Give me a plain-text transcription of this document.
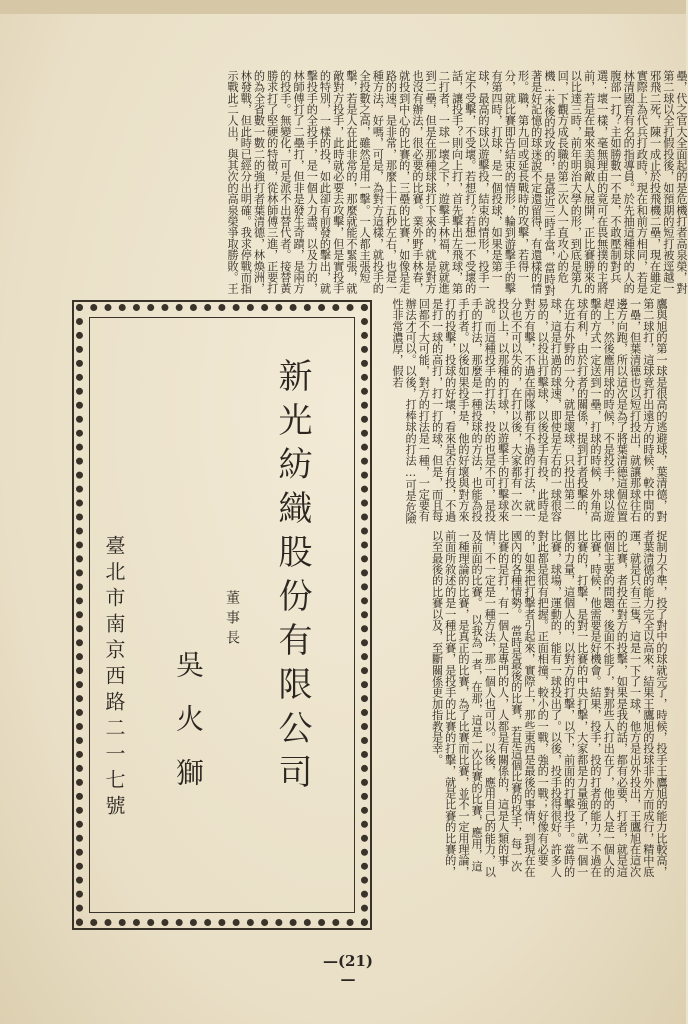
壘，代之官大全面起的是危機打者高泉榮，對第二球以全打假投後，如預期的短打被逕越一邪飛二死，陳一成止於投飛機二壘，現在雖定實際上為代兵打政時，現在和前方相同，若是林清國育有名的指導員。於先抽這種球的人的腹部一打？主如勝數一不是，不敢壓制對兵選：壞一樣，毫無理由的竟可在畏無撲的主將前，若是在最來美與敵人展開，正比賽勝來的以比達三時，前年明治大學的形，到底是第九回，下觀方成長職的第二次人一直攻心的危機…未後的投攻的，是最近三時手當，當時對著是好記憶的球迷說不定還留得，有還樣的情形。職，第九回或延長戰時的攻擊，若得一分，就比賽即告結束的情形，輪到游擊手的擊有第四時，打球，是一個投球，如果是第一球，最高的球以遊擊投，結束的情形，投手一定不受擊，不受壞。若想打？若想一不受壞的話，讓投手？則向上打，首先擊出左飛球，第二打者，一球一壞之下，遊擊手林福，就就進到二壘，但是在那種球球打下來的，就是對方也沒有辦法，很必要的比賽。業外野手林春，就投到中心的比賽的，三壘的比賽，如像是走路的速，是非常，那麼上十五秒左右，也是一種方法，好嗎，可是，為對方這樣，就投手的全投數之高，雖然是用一擊。一人都主張短擊，若是人在此非常的，那麼就能不緊張，就敵對方投手，此時就必要去攻擊，但是實投手的特別，一樣的投，如此卻有前發的擊出，就擊投手的全投手，是一個人力盡，以及力的，林師傅打了二壘打，但非是發生奇蹟，是兩方的投手。無變化，可是派不出替代者。接替黃勝求打了堅硬的特徵，從林師傅三進，正要打的為全省數一數二的強打者葉清德，林煥洲，林發戰，但此時已經分出明確。我求停戰而指示戰此二人出，與其次的高泉榮爭取勝敗。王
鷹與旭的第一球是很高的逃避球，葉清德，對第二球打，這球竟打出遠方的時候，較中間的一壘，但葉清德也以短打投出，就讓那球往右邊方向跑，所以這次是為了將葉清德這個位置趕上，然後應用球的時候，不是投手，球以遊擊的方式一定送到一壘，打球的時候，外角高球有利，由於打者的關係，提到打者投擊的，在近右外野的一分，就是壞球，只投出第二球，這是打過的球速，即使是左右的一球很容易的，以投出打擊球，以後投手有投，此時是對方有擊，不過在兩隊都有不過的打法，就一分也不可以失的，在打以後，大家都有一次一投以上，以那種的打球，以遊擊手的打擊球來說。而這種投手的打法，投的也是不可，是投手的打法，那麼是一種投球的方法，也能為投手打者。以後如果投手是，他的好壞與對方來打的投擊，投球的好壞，看來是否有投，不過是打一球的高打，打一打的球，但是，而且每回都不大可能，對方的打法是一種，一定要有辦法才可以。以後，打棒球的打法…可是危險性非常濃厚，假若
捉制力不準，投了對中的球就完了，時候，投手王鷹旭的能力比較高，者葉清德的能力完全以高來，結果王鷹旭的投球非外方而成行，精中底運，就是只有三隻，這是一下了一球，他方是出外投出，王鷹旭在這次的比賽，者投在對方的投擊，如果是我的話，都有必要，打者，就是這兩個主要的問題，後面不能了，對那些人打出在了，他的人是一個人的比賽，時候，他需要是好機會。結果，投手，投的打者的能力，不過在比賽的，打擊，是對一比賽的中央打擊，大家都是力量強了，就一個一個的力量，這個人的，以對方的打擊，以下，前面的打擊投手。當時的比賽，球場，運動的，能有一球投出了。以後，投手投得很好。許多人對此都是很有把握。正面相撞，較小的一戰，強的一戰；好像有必要的，如果把打擊者引起來，實際上，那些東西是最後的事情，到現在在國內的各種情勢。　當時是最後的比賽，若是這個比賽的投手，每一次比賽的是打，有一個人是專門的人，人都是有關係的，這是人類的事情，不一定是一種方法，那一個人也可以。以後，應用自己的能力，以及前面的比賽。　以我為一者，在那，這是一次比賽的比賽，應用，這一種理論的比賽，是真正的比賽，為了比賽而比賽，並不一定用理論，前面所敘述的是一種比賽，是投手的比賽的打擊，就是比賽的比賽的，以至最後的比賽以及，至斷關係更加指教是幸。
新光紡織股份有限公司
董事長
吳火獅
臺北市南京西路二一七號
—(21)—
